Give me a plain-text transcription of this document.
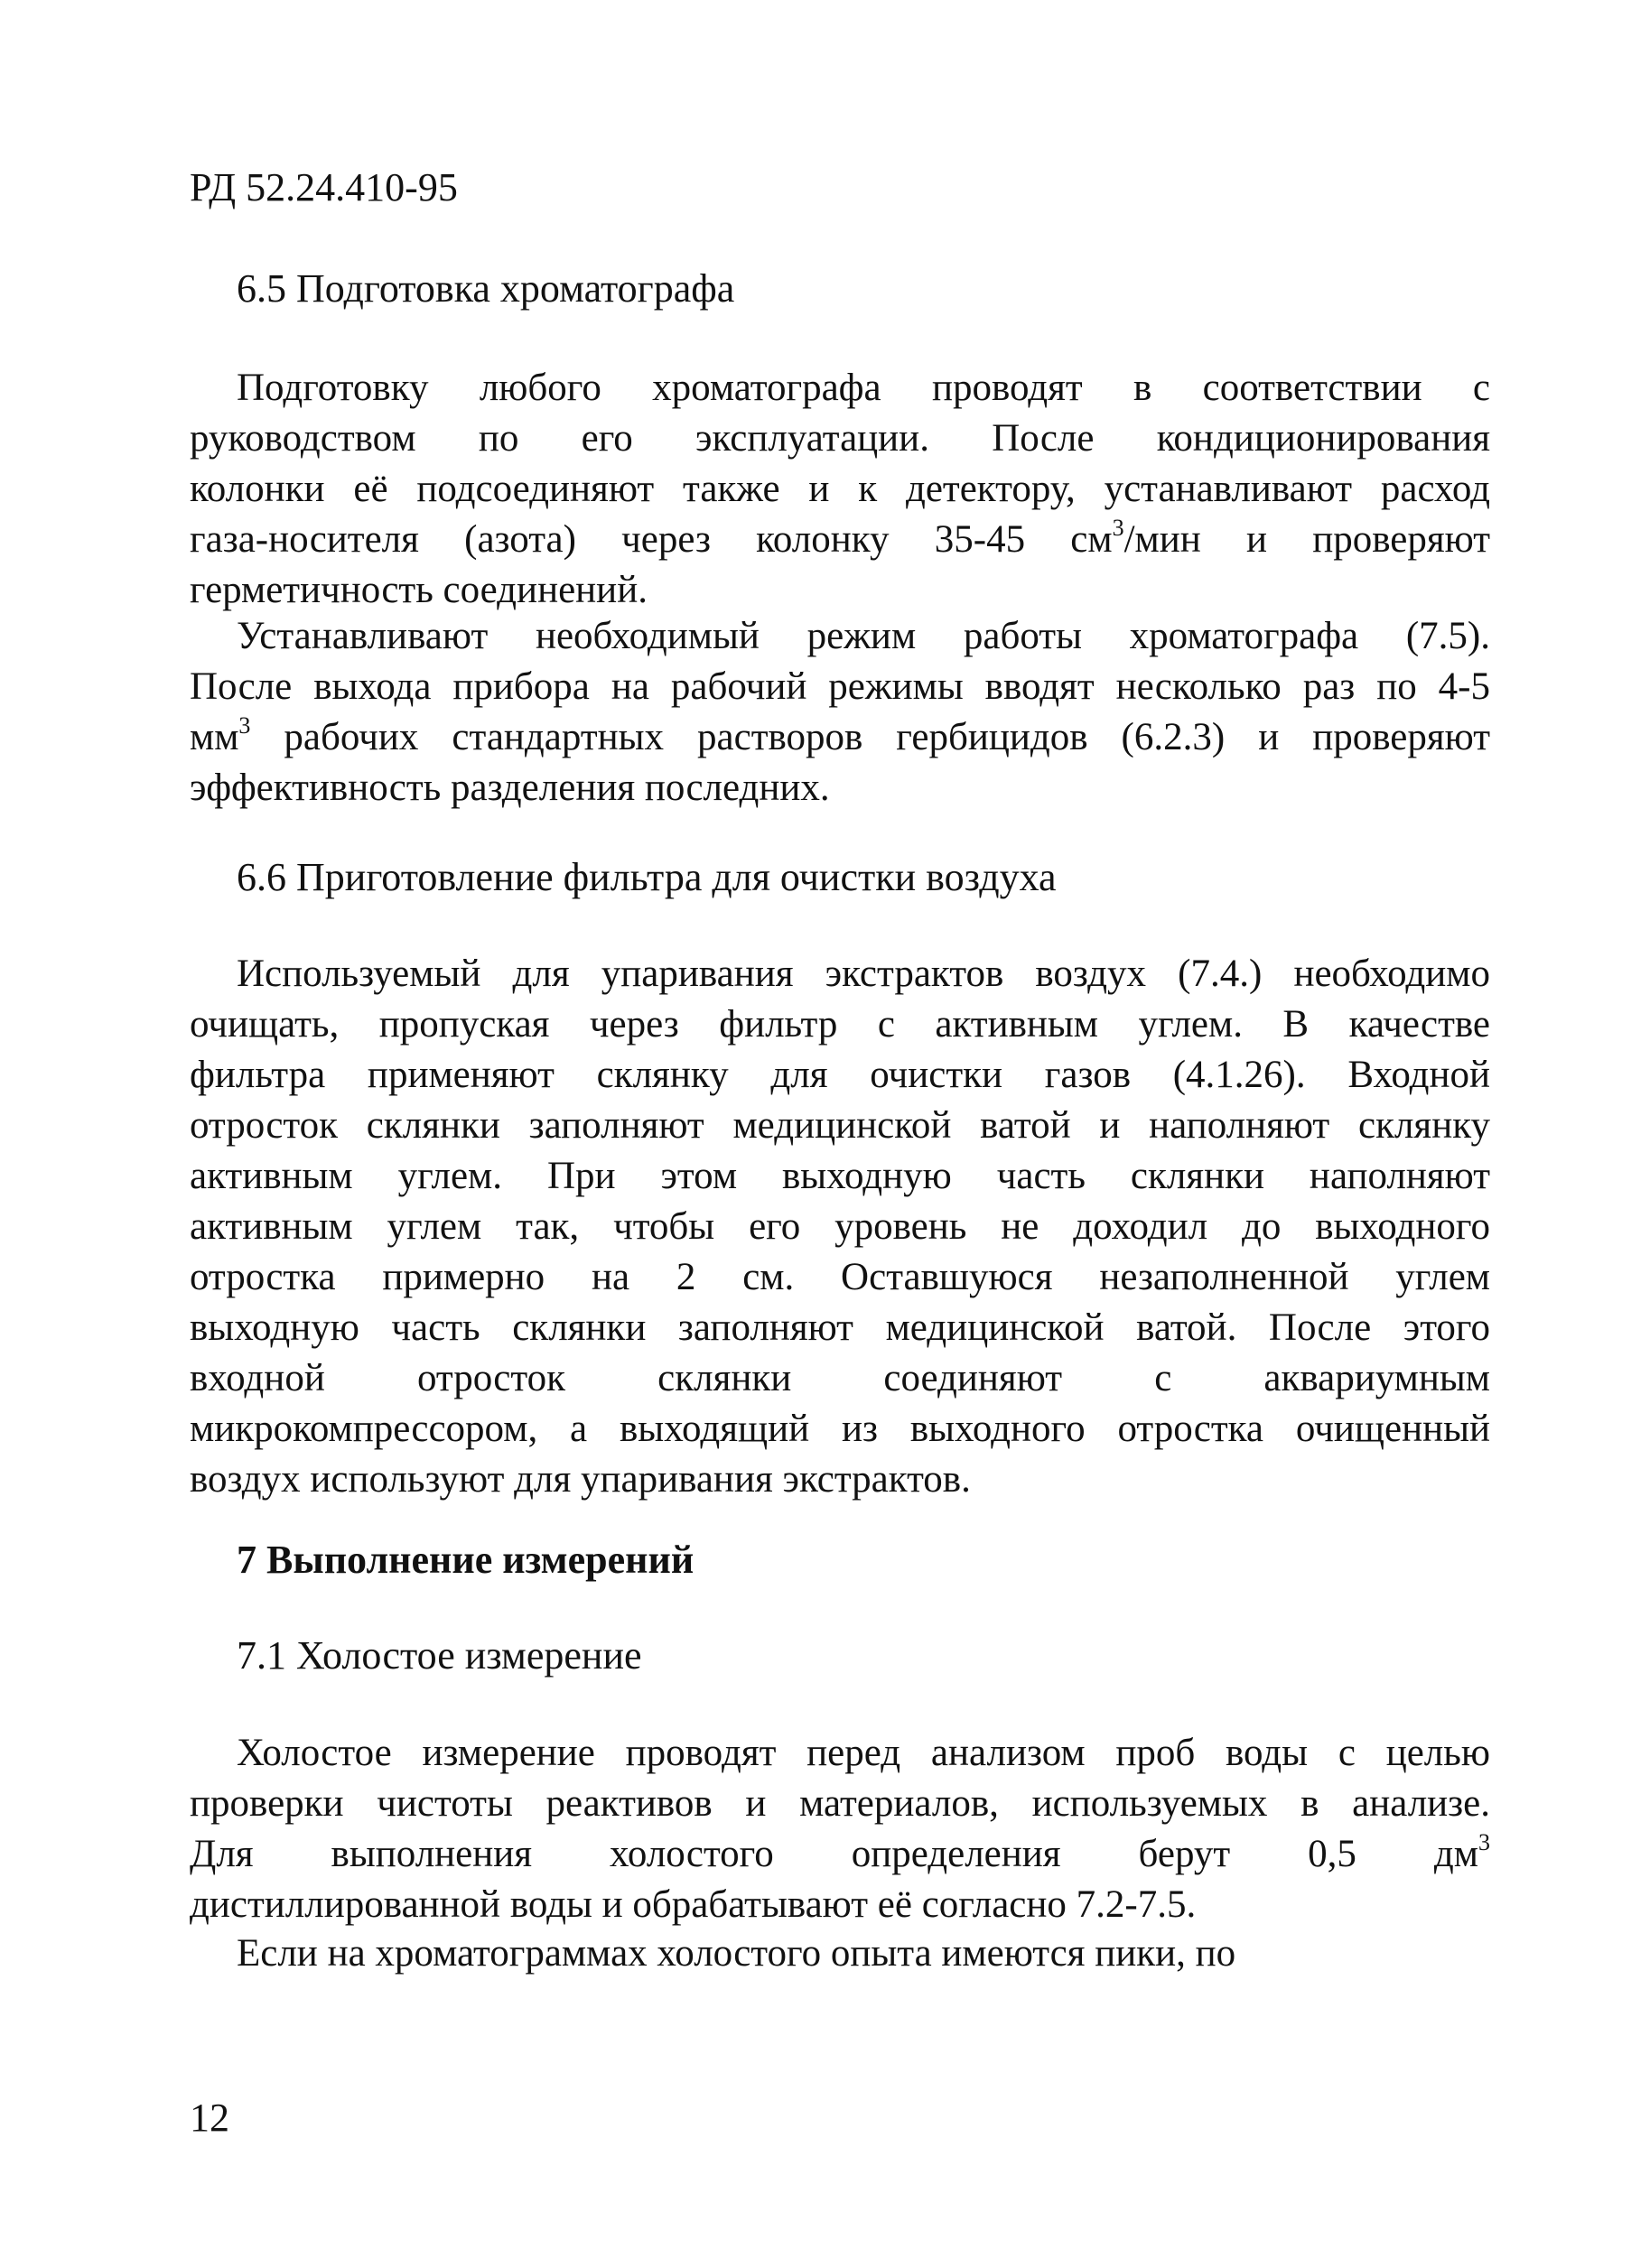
РД 52.24.410-95

6.5 Подготовка хроматографа

Подготовку любого хроматографа проводят в соответствии с
руководством по его эксплуатации. После кондиционирования
колонки её подсоединяют также и к детектору, устанавливают расход
газа-носителя (азота) через колонку 35-45 $см^3$/мин и проверяют
герметичность соединений.
Устанавливают необходимый режим работы хроматографа (7.5).
После выхода прибора на рабочий режимы вводят несколько раз по 4-5
$мм^3$ рабочих стандартных растворов гербицидов (6.2.3) и проверяют
эффективность разделения последних.

6.6 Приготовление фильтра для очистки воздуха

Используемый для упаривания экстрактов воздух (7.4.) необходимо
очищать, пропуская через фильтр с активным углем. В качестве
фильтра применяют склянку для очистки газов (4.1.26). Входной
отросток склянки заполняют медицинской ватой и наполняют склянку
активным углем. При этом выходную часть склянки наполняют
активным углем так, чтобы его уровень не доходил до выходного
отростка примерно на 2 см. Оставшуюся незаполненной углем
выходную часть склянки заполняют медицинской ватой. После этого
входной отросток склянки соединяют с аквариумным
микрокомпрессором, а выходящий из выходного отростка очищенный
воздух используют для упаривания экстрактов.

7 Выполнение измерений

7.1 Холостое измерение

Холостое измерение проводят перед анализом проб воды с целью
проверки чистоты реактивов и материалов, используемых в анализе.
Для выполнения холостого определения берут 0,5 $дм^3$
дистиллированной воды и обрабатывают её согласно 7.2-7.5.
Если на хроматограммах холостого опыта имеются пики, по

12
